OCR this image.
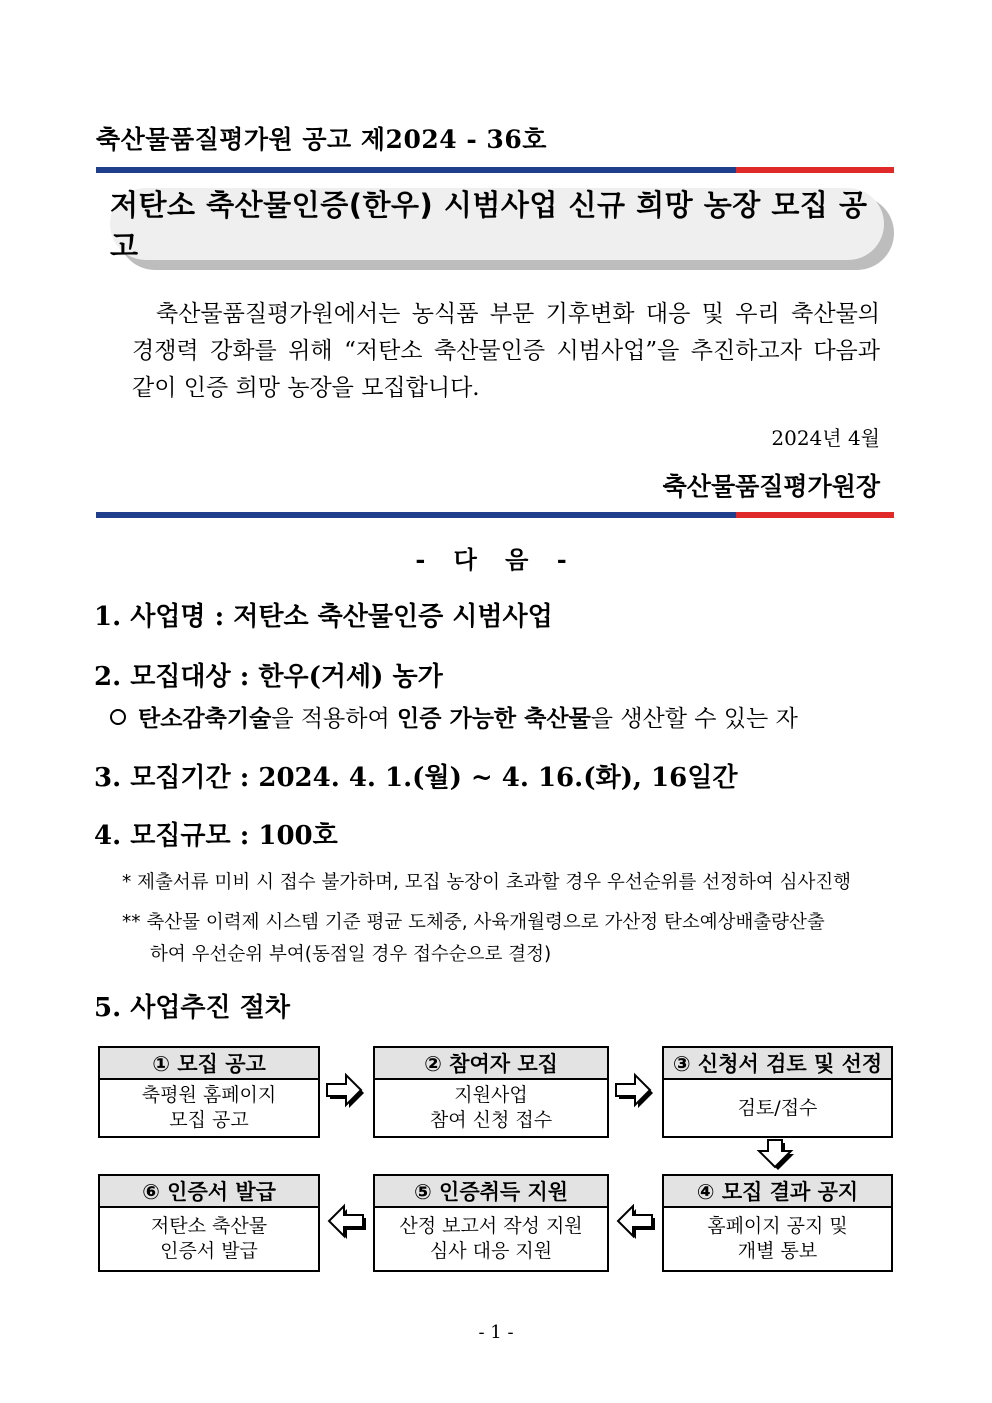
축산물품질평가원 공고 제2024 - 36호
저탄소 축산물인증(한우) 시범사업 신규 희망 농장 모집 공고
축산물품질평가원에서는 농식품 부문 기후변화 대응 및 우리 축산물의 경쟁력 강화를 위해 “저탄소 축산물인증 시범사업”을 추진하고자 다음과 같이 인증 희망 농장을 모집합니다.
2024년 4월
축산물품질평가원장
- 다 음 -
1. 사업명 : 저탄소 축산물인증 시범사업
2. 모집대상 : 한우(거세) 농가
탄소감축기술을 적용하여 인증 가능한 축산물을 생산할 수 있는 자
3. 모집기간 : 2024. 4. 1.(월) ~ 4. 16.(화), 16일간
4. 모집규모 : 100호
* 제출서류 미비 시 접수 불가하며, 모집 농장이 초과할 경우 우선순위를 선정하여 심사진행
** 축산물 이력제 시스템 기준 평균 도체중, 사육개월령으로 가산정 탄소예상배출량산출
하여 우선순위 부여(동점일 경우 접수순으로 결정)
5. 사업추진 절차
① 모집 공고
축평원 홈페이지
모집 공고
② 참여자 모집
지원사업
참여 신청 접수
③ 신청서 검토 및 선정
검토/접수
④ 모집 결과 공지
홈페이지 공지 및
개별 통보
⑤ 인증취득 지원
산정 보고서 작성 지원
심사 대응 지원
⑥ 인증서 발급
저탄소 축산물
인증서 발급
- 1 -
